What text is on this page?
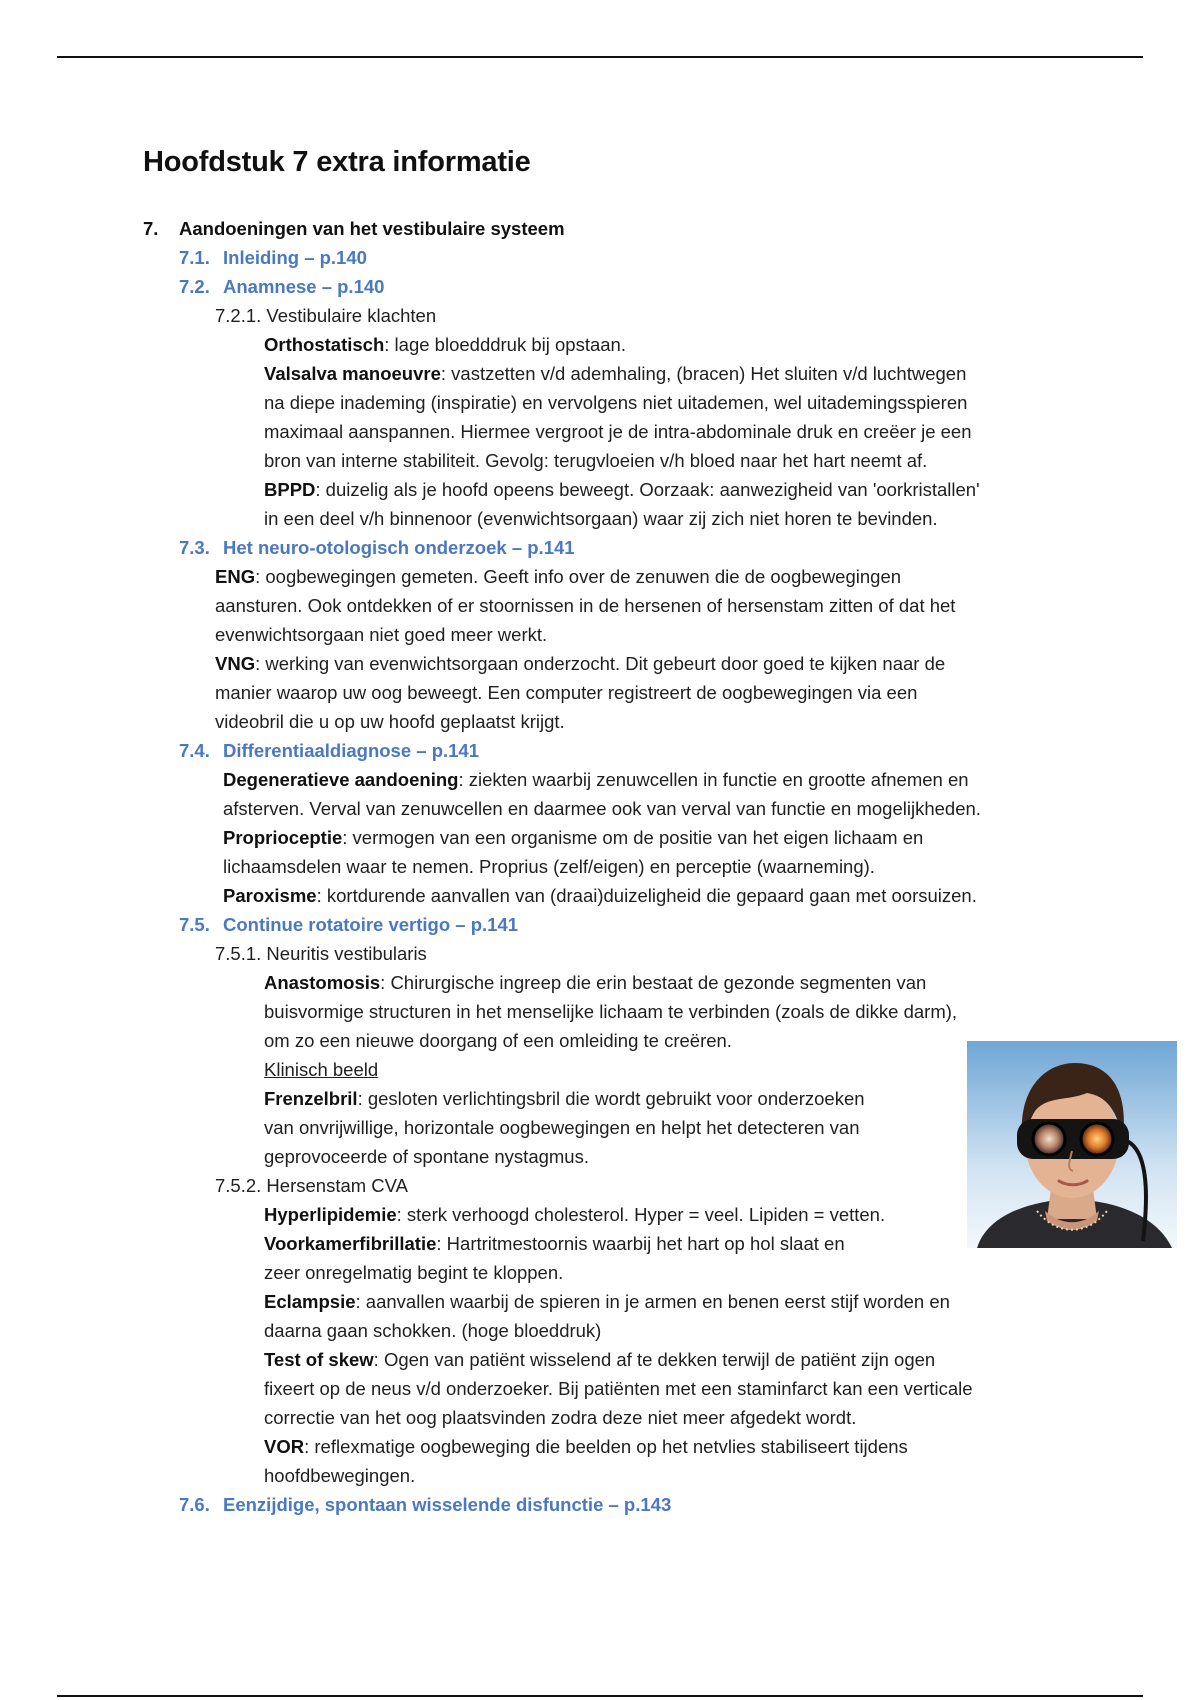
Hoofdstuk 7 extra informatie
7. Aandoeningen van het vestibulaire systeem
7.1. Inleiding – p.140
7.2. Anamnese – p.140
7.2.1. Vestibulaire klachten
Orthostatisch: lage bloedddruk bij opstaan.
Valsalva manoeuvre: vastzetten v/d ademhaling, (bracen) Het sluiten v/d luchtwegen
na diepe inademing (inspiratie) en vervolgens niet uitademen, wel uitademingsspieren
maximaal aanspannen. Hiermee vergroot je de intra-abdominale druk en creëer je een
bron van interne stabiliteit. Gevolg: terugvloeien v/h bloed naar het hart neemt af.
BPPD: duizelig als je hoofd opeens beweegt. Oorzaak: aanwezigheid van 'oorkristallen'
in een deel v/h binnenoor (evenwichtsorgaan) waar zij zich niet horen te bevinden.
7.3. Het neuro-otologisch onderzoek – p.141
ENG: oogbewegingen gemeten. Geeft info over de zenuwen die de oogbewegingen
aansturen. Ook ontdekken of er stoornissen in de hersenen of hersenstam zitten of dat het
evenwichtsorgaan niet goed meer werkt.
VNG: werking van evenwichtsorgaan onderzocht. Dit gebeurt door goed te kijken naar de
manier waarop uw oog beweegt. Een computer registreert de oogbewegingen via een
videobril die u op uw hoofd geplaatst krijgt.
7.4. Differentiaaldiagnose – p.141
Degeneratieve aandoening: ziekten waarbij zenuwcellen in functie en grootte afnemen en
afsterven. Verval van zenuwcellen en daarmee ook van verval van functie en mogelijkheden.
Proprioceptie: vermogen van een organisme om de positie van het eigen lichaam en
lichaamsdelen waar te nemen. Proprius (zelf/eigen) en perceptie (waarneming).
Paroxisme: kortdurende aanvallen van (draai)duizeligheid die gepaard gaan met oorsuizen.
7.5. Continue rotatoire vertigo – p.141
7.5.1. Neuritis vestibularis
Anastomosis: Chirurgische ingreep die erin bestaat de gezonde segmenten van
buisvormige structuren in het menselijke lichaam te verbinden (zoals de dikke darm),
om zo een nieuwe doorgang of een omleiding te creëren.
Klinisch beeld
Frenzelbril: gesloten verlichtingsbril die wordt gebruikt voor onderzoeken
van onvrijwillige, horizontale oogbewegingen en helpt het detecteren van
geprovoceerde of spontane nystagmus.
7.5.2. Hersenstam CVA
Hyperlipidemie: sterk verhoogd cholesterol. Hyper = veel. Lipiden = vetten.
Voorkamerfibrillatie: Hartritmestoornis waarbij het hart op hol slaat en
zeer onregelmatig begint te kloppen.
Eclampsie: aanvallen waarbij de spieren in je armen en benen eerst stijf worden en
daarna gaan schokken. (hoge bloeddruk)
Test of skew: Ogen van patiënt wisselend af te dekken terwijl de patiënt zijn ogen
fixeert op de neus v/d onderzoeker. Bij patiënten met een staminfarct kan een verticale
correctie van het oog plaatsvinden zodra deze niet meer afgedekt wordt.
VOR: reflexmatige oogbeweging die beelden op het netvlies stabiliseert tijdens
hoofdbewegingen.
7.6. Eenzijdige, spontaan wisselende disfunctie – p.143
